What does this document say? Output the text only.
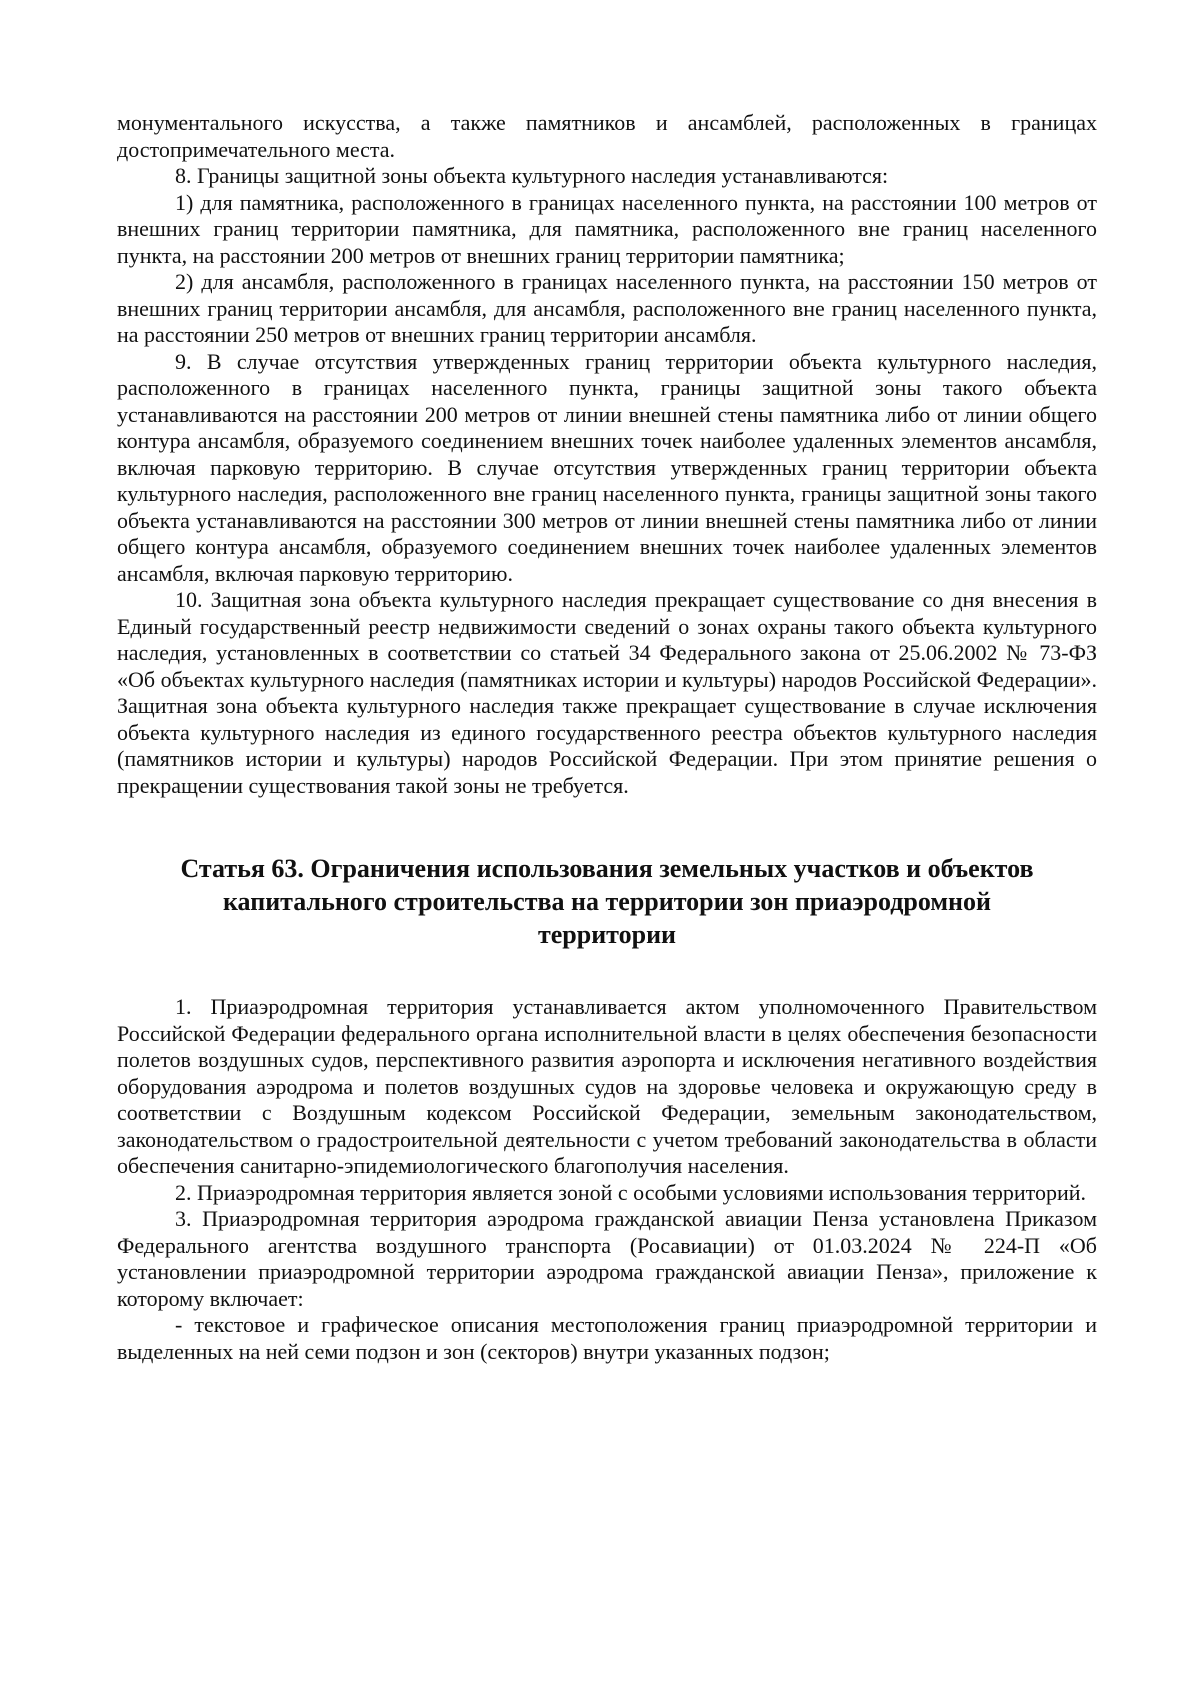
монументального искусства, а также памятников и ансамблей, расположенных в границах достопримечательного места.

8. Границы защитной зоны объекта культурного наследия устанавливаются:

1) для памятника, расположенного в границах населенного пункта, на расстоянии 100 метров от внешних границ территории памятника, для памятника, расположенного вне границ населенного пункта, на расстоянии 200 метров от внешних границ территории памятника;

2) для ансамбля, расположенного в границах населенного пункта, на расстоянии 150 метров от внешних границ территории ансамбля, для ансамбля, расположенного вне границ населенного пункта, на расстоянии 250 метров от внешних границ территории ансамбля.

9. В случае отсутствия утвержденных границ территории объекта культурного наследия, расположенного в границах населенного пункта, границы защитной зоны такого объекта устанавливаются на расстоянии 200 метров от линии внешней стены памятника либо от линии общего контура ансамбля, образуемого соединением внешних точек наиболее удаленных элементов ансамбля, включая парковую территорию. В случае отсутствия утвержденных границ территории объекта культурного наследия, расположенного вне границ населенного пункта, границы защитной зоны такого объекта устанавливаются на расстоянии 300 метров от линии внешней стены памятника либо от линии общего контура ансамбля, образуемого соединением внешних точек наиболее удаленных элементов ансамбля, включая парковую территорию.

10. Защитная зона объекта культурного наследия прекращает существование со дня внесения в Единый государственный реестр недвижимости сведений о зонах охраны такого объекта культурного наследия, установленных в соответствии со статьей 34 Федерального закона от 25.06.2002 № 73-ФЗ «Об объектах культурного наследия (памятниках истории и культуры) народов Российской Федерации». Защитная зона объекта культурного наследия также прекращает существование в случае исключения объекта культурного наследия из единого государственного реестра объектов культурного наследия (памятников истории и культуры) народов Российской Федерации. При этом принятие решения о прекращении существования такой зоны не требуется.

Статья 63. Ограничения использования земельных участков и объектов
капитального строительства на территории зон приаэродромной
территории

1. Приаэродромная территория устанавливается актом уполномоченного Правительством Российской Федерации федерального органа исполнительной власти в целях обеспечения безопасности полетов воздушных судов, перспективного развития аэропорта и исключения негативного воздействия оборудования аэродрома и полетов воздушных судов на здоровье человека и окружающую среду в соответствии с Воздушным кодексом Российской Федерации, земельным законодательством, законодательством о градостроительной деятельности с учетом требований законодательства в области обеспечения санитарно-эпидемиологического благополучия населения.

2. Приаэродромная территория является зоной с особыми условиями использования территорий.

3. Приаэродромная территория аэродрома гражданской авиации Пенза установлена Приказом Федерального агентства воздушного транспорта (Росавиации) от 01.03.2024 № 224-П «Об установлении приаэродромной территории аэродрома гражданской авиации Пенза», приложение к которому включает:

- текстовое и графическое описания местоположения границ приаэродромной территории и выделенных на ней семи подзон и зон (секторов) внутри указанных подзон;
